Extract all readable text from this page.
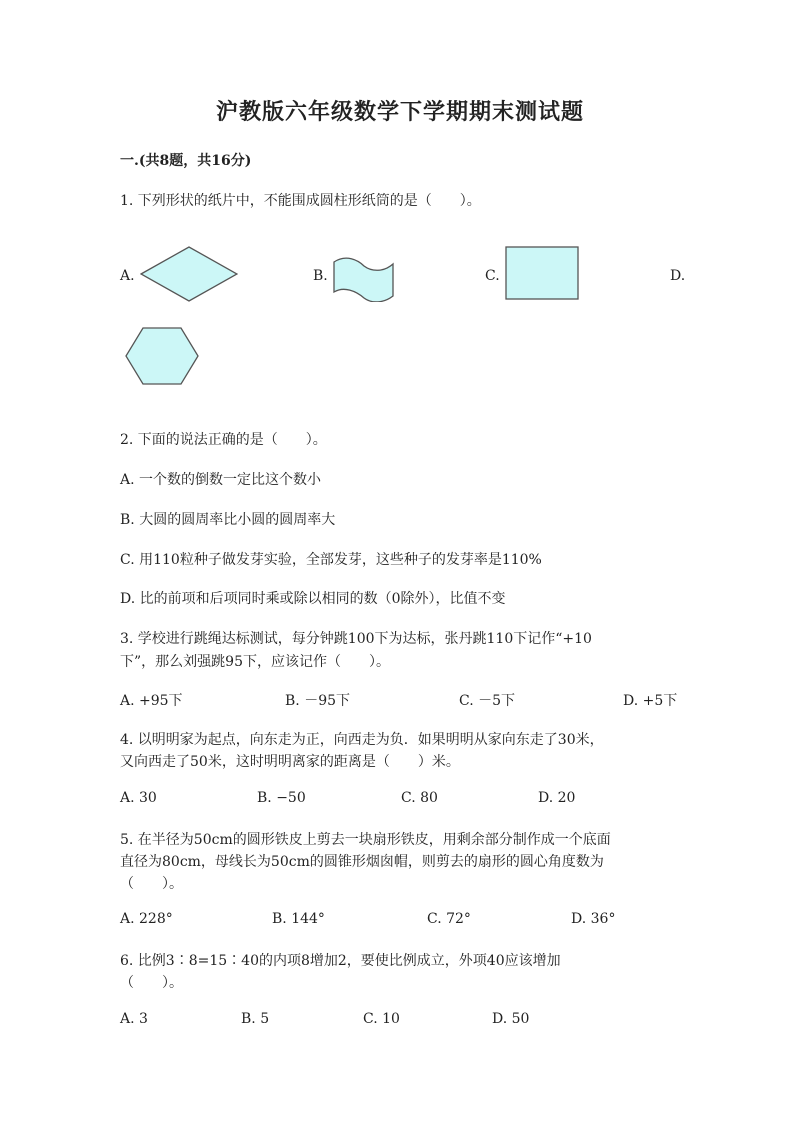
沪教版六年级数学下学期期末测试题
一.(共8题，共16分)
1. 下列形状的纸片中，不能围成圆柱形纸筒的是（　　）。
A.	B.	C.	D.
2. 下面的说法正确的是（　　）。
A. 一个数的倒数一定比这个数小
B. 大圆的圆周率比小圆的圆周率大
C. 用110粒种子做发芽实验，全部发芽，这些种子的发芽率是110%
D. 比的前项和后项同时乘或除以相同的数（0除外），比值不变
3. 学校进行跳绳达标测试，每分钟跳100下为达标，张丹跳110下记作“+10
下”，那么刘强跳95下，应该记作（　　）。
A. +95下	B. －95下	C. －5下	D. +5下
4. 以明明家为起点，向东走为正，向西走为负．如果明明从家向东走了30米，
又向西走了50米，这时明明离家的距离是（　　）米。
A. 30	B. −50	C. 80	D. 20
5. 在半径为50cm的圆形铁皮上剪去一块扇形铁皮，用剩余部分制作成一个底面
直径为80cm，母线长为50cm的圆锥形烟囱帽，则剪去的扇形的圆心角度数为
（　　）。
A. 228°	B. 144°	C. 72°	D. 36°
6. 比例3∶8=15∶40的内项8增加2，要使比例成立，外项40应该增加
（　　）。
A. 3	B. 5	C. 10	D. 50
